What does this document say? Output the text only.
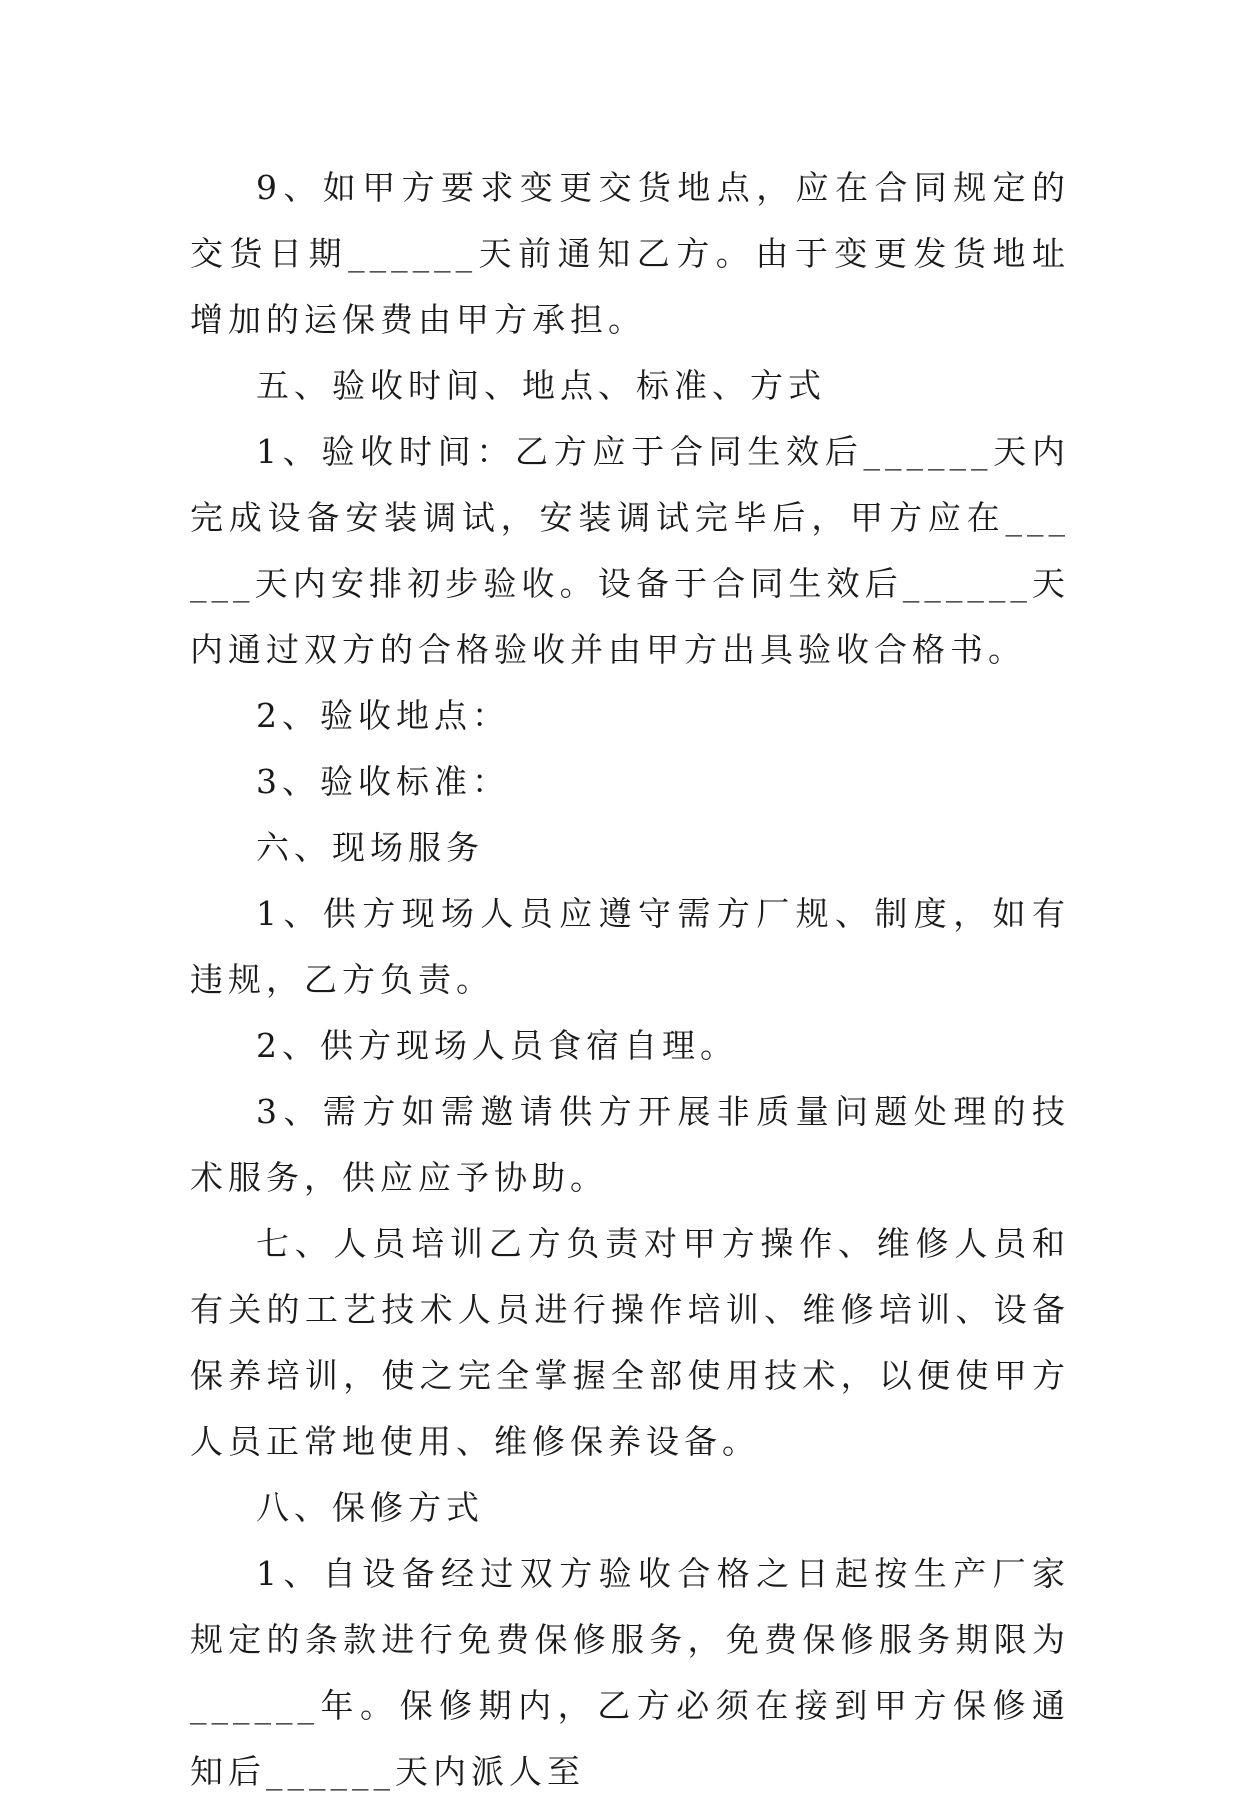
9、如甲方要求变更交货地点，应在合同规定的交货日期______天前通知乙方。由于变更发货地址增加的运保费由甲方承担。

五、验收时间、地点、标准、方式

1、验收时间：乙方应于合同生效后______天内完成设备安装调试，安装调试完毕后，甲方应在______天内安排初步验收。设备于合同生效后______天内通过双方的合格验收并由甲方出具验收合格书。

2、验收地点：

3、验收标准：

六、现场服务

1、供方现场人员应遵守需方厂规、制度，如有违规，乙方负责。

2、供方现场人员食宿自理。

3、需方如需邀请供方开展非质量问题处理的技术服务，供应应予协助。

七、人员培训乙方负责对甲方操作、维修人员和有关的工艺技术人员进行操作培训、维修培训、设备保养培训，使之完全掌握全部使用技术，以便使甲方人员正常地使用、维修保养设备。

八、保修方式

1、自设备经过双方验收合格之日起按生产厂家规定的条款进行免费保修服务，免费保修服务期限为______年。保修期内，乙方必须在接到甲方保修通知后______天内派人至
